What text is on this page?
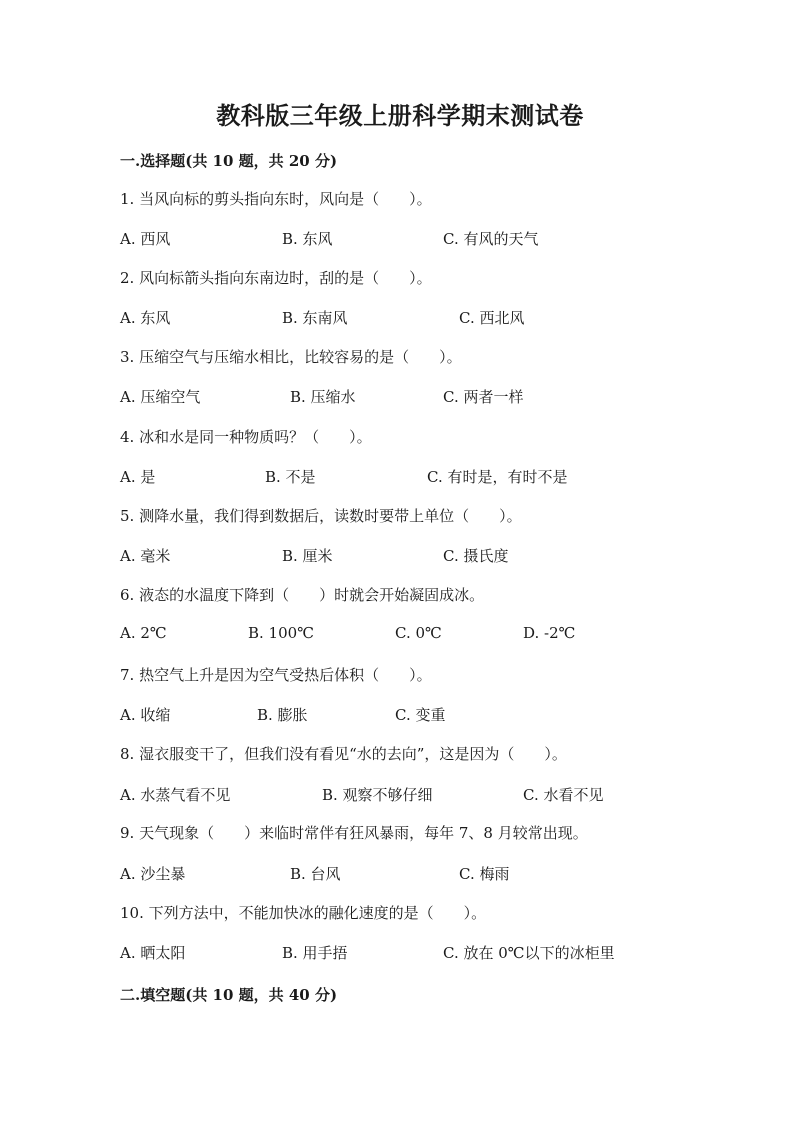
教科版三年级上册科学期末测试卷
一.选择题(共 10 题，共 20 分)
1. 当风向标的剪头指向东时，风向是（　　）。
A. 西风	B. 东风	C. 有风的天气
2. 风向标箭头指向东南边时，刮的是（　　）。
A. 东风	B. 东南风	C. 西北风
3. 压缩空气与压缩水相比，比较容易的是（　　）。
A. 压缩空气	B. 压缩水	C. 两者一样
4. 冰和水是同一种物质吗？（　　）。
A. 是	B. 不是	C. 有时是，有时不是
5. 测降水量，我们得到数据后，读数时要带上单位（　　）。
A. 毫米	B. 厘米	C. 摄氏度
6. 液态的水温度下降到（　　）时就会开始凝固成冰。
A. 2℃	B. 100℃	C. 0℃	D. -2℃
7. 热空气上升是因为空气受热后体积（　　）。
A. 收缩	B. 膨胀	C. 变重
8. 湿衣服变干了，但我们没有看见“水的去向”，这是因为（　　）。
A. 水蒸气看不见	B. 观察不够仔细	C. 水看不见
9. 天气现象（　　）来临时常伴有狂风暴雨，每年 7、8 月较常出现。
A. 沙尘暴	B. 台风	C. 梅雨
10. 下列方法中，不能加快冰的融化速度的是（　　）。
A. 晒太阳	B. 用手捂	C. 放在 0℃以下的冰柜里
二.填空题(共 10 题，共 40 分)
